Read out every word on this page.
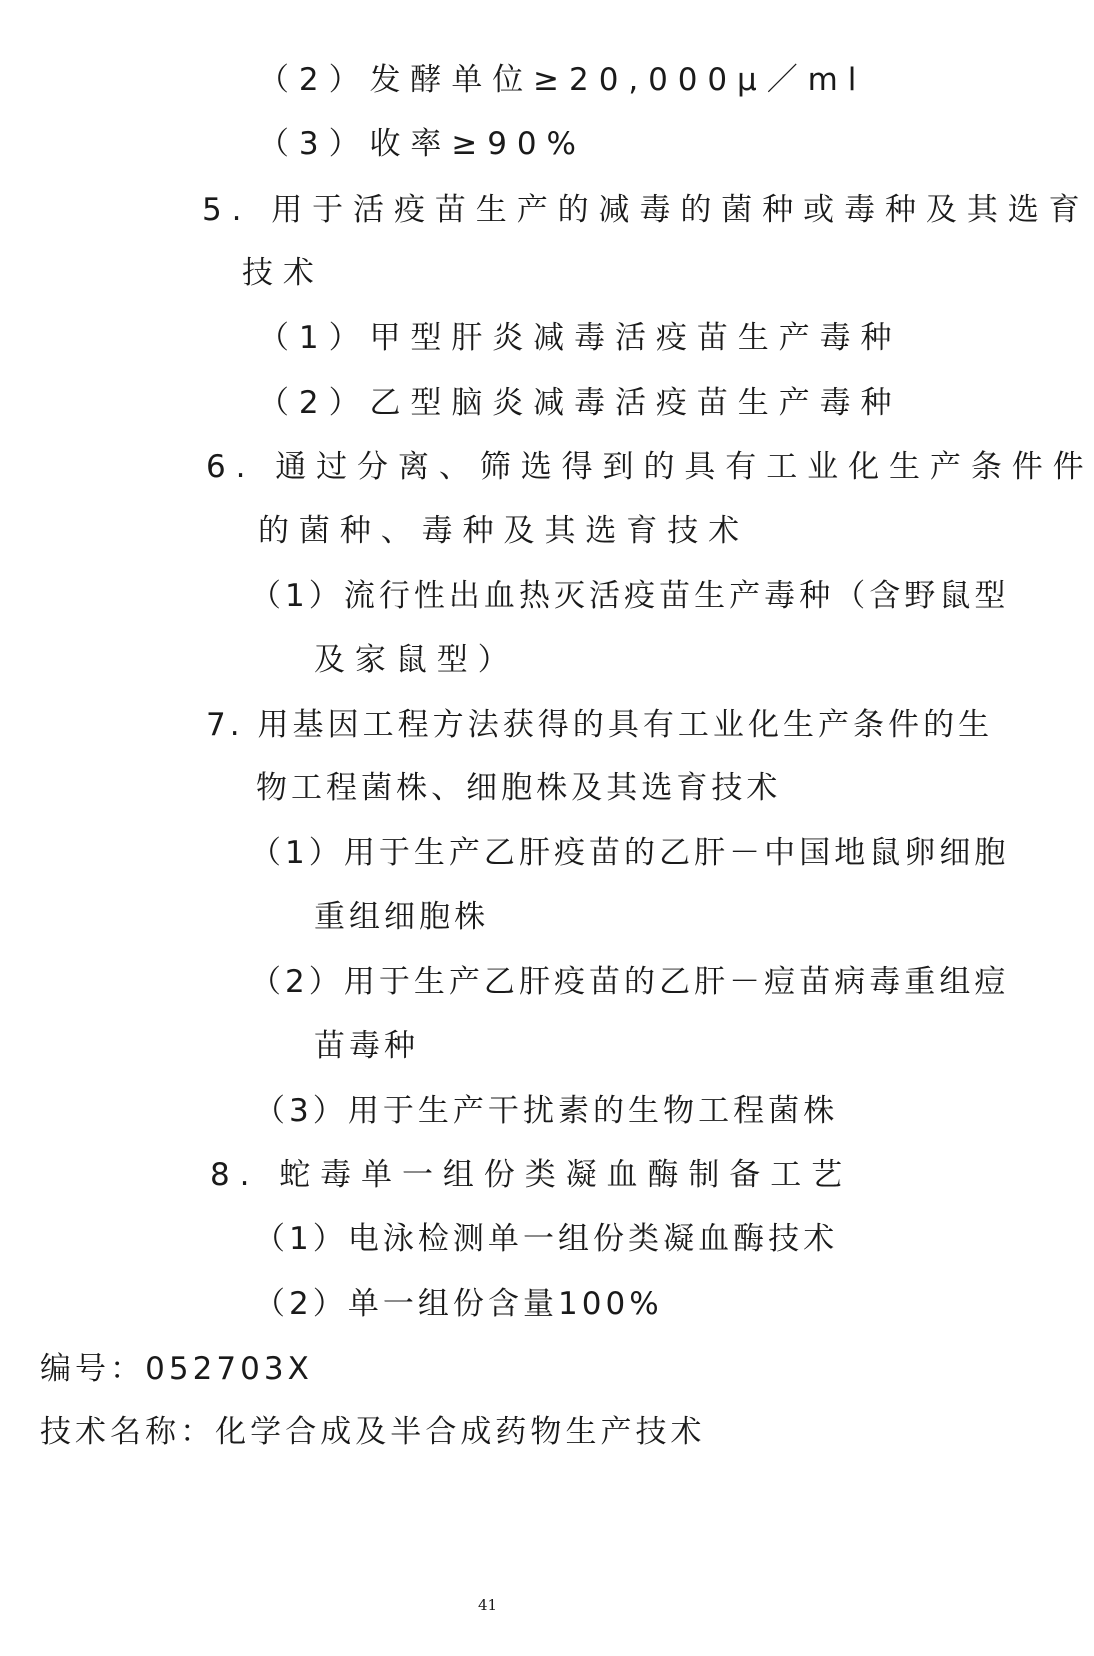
（2）发酵单位≥20,000μ／ml
（3）收率≥90%
5. 用于活疫苗生产的减毒的菌种或毒种及其选育
技术
（1）甲型肝炎减毒活疫苗生产毒种
（2）乙型脑炎减毒活疫苗生产毒种
6. 通过分离、筛选得到的具有工业化生产条件件
的菌种、毒种及其选育技术
（1）流行性出血热灭活疫苗生产毒种（含野鼠型
及家鼠型）
7. 用基因工程方法获得的具有工业化生产条件的生
物工程菌株、细胞株及其选育技术
（1）用于生产乙肝疫苗的乙肝－中国地鼠卵细胞
重组细胞株
（2）用于生产乙肝疫苗的乙肝－痘苗病毒重组痘
苗毒种
（3）用于生产干扰素的生物工程菌株
8. 蛇毒单一组份类凝血酶制备工艺
（1）电泳检测单一组份类凝血酶技术
（2）单一组份含量100%
编号：052703X
技术名称：化学合成及半合成药物生产技术
41
